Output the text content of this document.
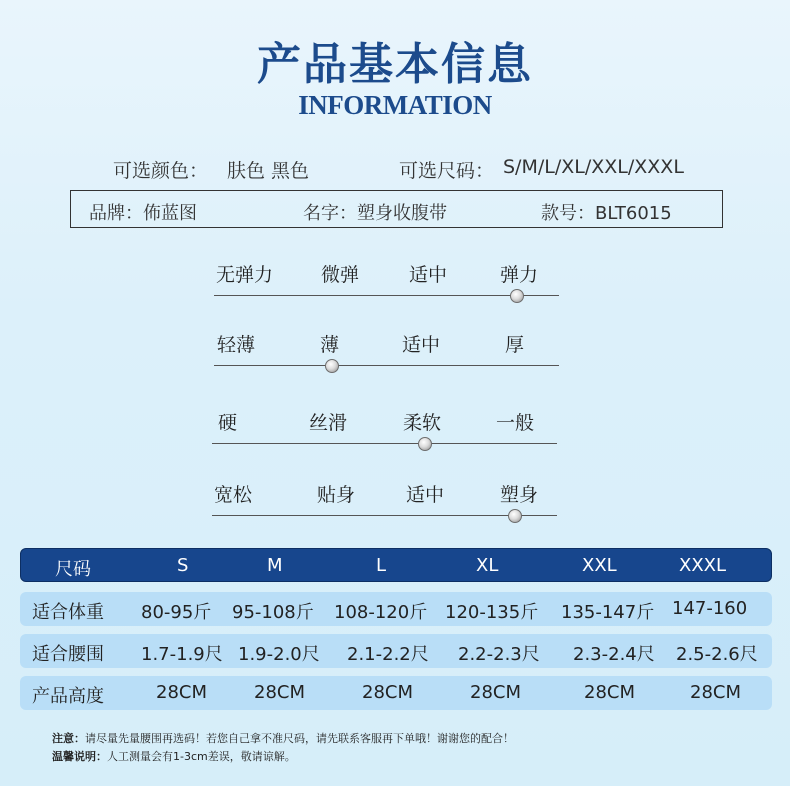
产品基本信息
INFORMATION
可选颜色： 肤色 黑色	可选尺码： S/M/L/XL/XXL/XXXL
品牌：佈蓝图	名字：塑身收腹带	款号：BLT6015
无弹力	微弹	适中	弹力
轻薄	薄	适中	厚
硬	丝滑	柔软	一般
宽松	贴身	适中	塑身
尺码	S	M	L	XL	XXL	XXXL
适合体重 80-95斤 95-108斤 108-120斤 120-135斤 135-147斤 147-160
适合腰围 1.7-1.9尺 1.9-2.0尺 2.1-2.2尺 2.2-2.3尺 2.3-2.4尺 2.5-2.6尺
产品高度	28CM	28CM	28CM	28CM	28CM	28CM
注意：请尽量先量腰围再选码！若您自己拿不准尺码，请先联系客服再下单哦！谢谢您的配合！
温馨说明：人工测量会有1-3cm差误，敬请谅解。
